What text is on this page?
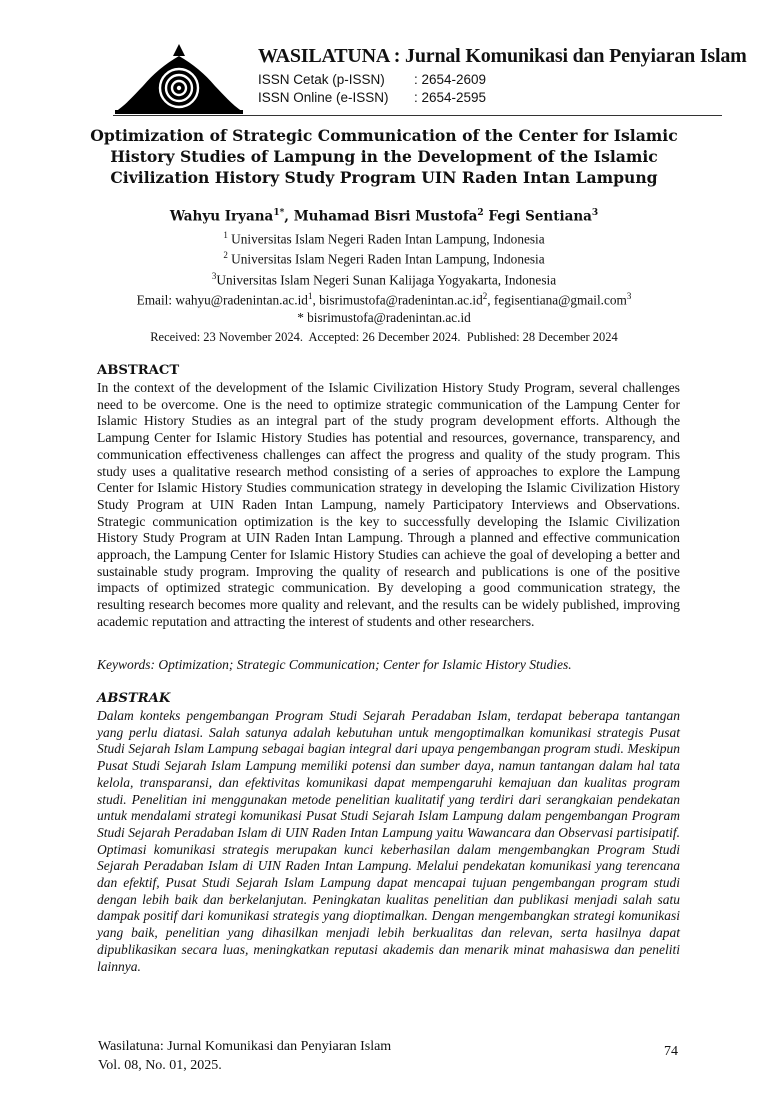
WASILATUNA : Jurnal Komunikasi dan Penyiaran Islam
ISSN Cetak (p-ISSN) : 2654-2609
ISSN Online (e-ISSN) : 2654-2595
Optimization of Strategic Communication of the Center for Islamic
History Studies of Lampung in the Development of the Islamic
Civilization History Study Program UIN Raden Intan Lampung
Wahyu Iryana$^{1*}$, Muhamad Bisri Mustofa$^2$ Fegi Sentiana$^3$
$^1$ Universitas Islam Negeri Raden Intan Lampung, Indonesia
$^2$ Universitas Islam Negeri Raden Intan Lampung, Indonesia
$^3$Universitas Islam Negeri Sunan Kalijaga Yogyakarta, Indonesia
Email: $wahyu@radenintan.ac.id^1$, $bisrimustofa@radenintan.ac.id^2$, fegisentiana@gmail.com$^3$
* bisrimustofa@radenintan.ac.id
Received: 23 November 2024.  Accepted: 26 December 2024.  Published: 28 December 2024
ABSTRACT
In the context of the development of the Islamic Civilization History Study Program, several challenges need to be overcome. One is the need to optimize strategic communication of the Lampung Center for Islamic History Studies as an integral part of the study program development efforts. Although the Lampung Center for Islamic History Studies has potential and resources, governance, transparency, and communication effectiveness challenges can affect the progress and quality of the study program. This study uses a qualitative research method consisting of a series of approaches to explore the Lampung Center for Islamic History Studies communication strategy in developing the Islamic Civilization History Study Program at UIN Raden Intan Lampung, namely Participatory Interviews and Observations. Strategic communication optimization is the key to successfully developing the Islamic Civilization History Study Program at UIN Raden Intan Lampung. Through a planned and effective communication approach, the Lampung Center for Islamic History Studies can achieve the goal of developing a better and sustainable study program. Improving the quality of research and publications is one of the positive impacts of optimized strategic communication. By developing a good communication strategy, the resulting research becomes more quality and relevant, and the results can be widely published, improving academic reputation and attracting the interest of students and other researchers.
Keywords: Optimization; Strategic Communication; Center for Islamic History Studies.
ABSTRAK
Dalam konteks pengembangan Program Studi Sejarah Peradaban Islam, terdapat beberapa tantangan yang perlu diatasi. Salah satunya adalah kebutuhan untuk mengoptimalkan komunikasi strategis Pusat Studi Sejarah Islam Lampung sebagai bagian integral dari upaya pengembangan program studi. Meskipun Pusat Studi Sejarah Islam Lampung memiliki potensi dan sumber daya, namun tantangan dalam hal tata kelola, transparansi, dan efektivitas komunikasi dapat mempengaruhi kemajuan dan kualitas program studi. Penelitian ini menggunakan metode penelitian kualitatif yang terdiri dari serangkaian pendekatan untuk mendalami strategi komunikasi Pusat Studi Sejarah Islam Lampung dalam pengembangan Program Studi Sejarah Peradaban Islam di UIN Raden Intan Lampung yaitu Wawancara dan Observasi partisipatif. Optimasi komunikasi strategis merupakan kunci keberhasilan dalam mengembangkan Program Studi Sejarah Peradaban Islam di UIN Raden Intan Lampung. Melalui pendekatan komunikasi yang terencana dan efektif, Pusat Studi Sejarah Islam Lampung dapat mencapai tujuan pengembangan program studi dengan lebih baik dan berkelanjutan. Peningkatan kualitas penelitian dan publikasi menjadi salah satu dampak positif dari komunikasi strategis yang dioptimalkan. Dengan mengembangkan strategi komunikasi yang baik, penelitian yang dihasilkan menjadi lebih berkualitas dan relevan, serta hasilnya dapat dipublikasikan secara luas, meningkatkan reputasi akademis dan menarik minat mahasiswa dan peneliti lainnya.
Wasilatuna: Jurnal Komunikasi dan Penyiaran Islam
Vol. 08, No. 01, 2025.
74
